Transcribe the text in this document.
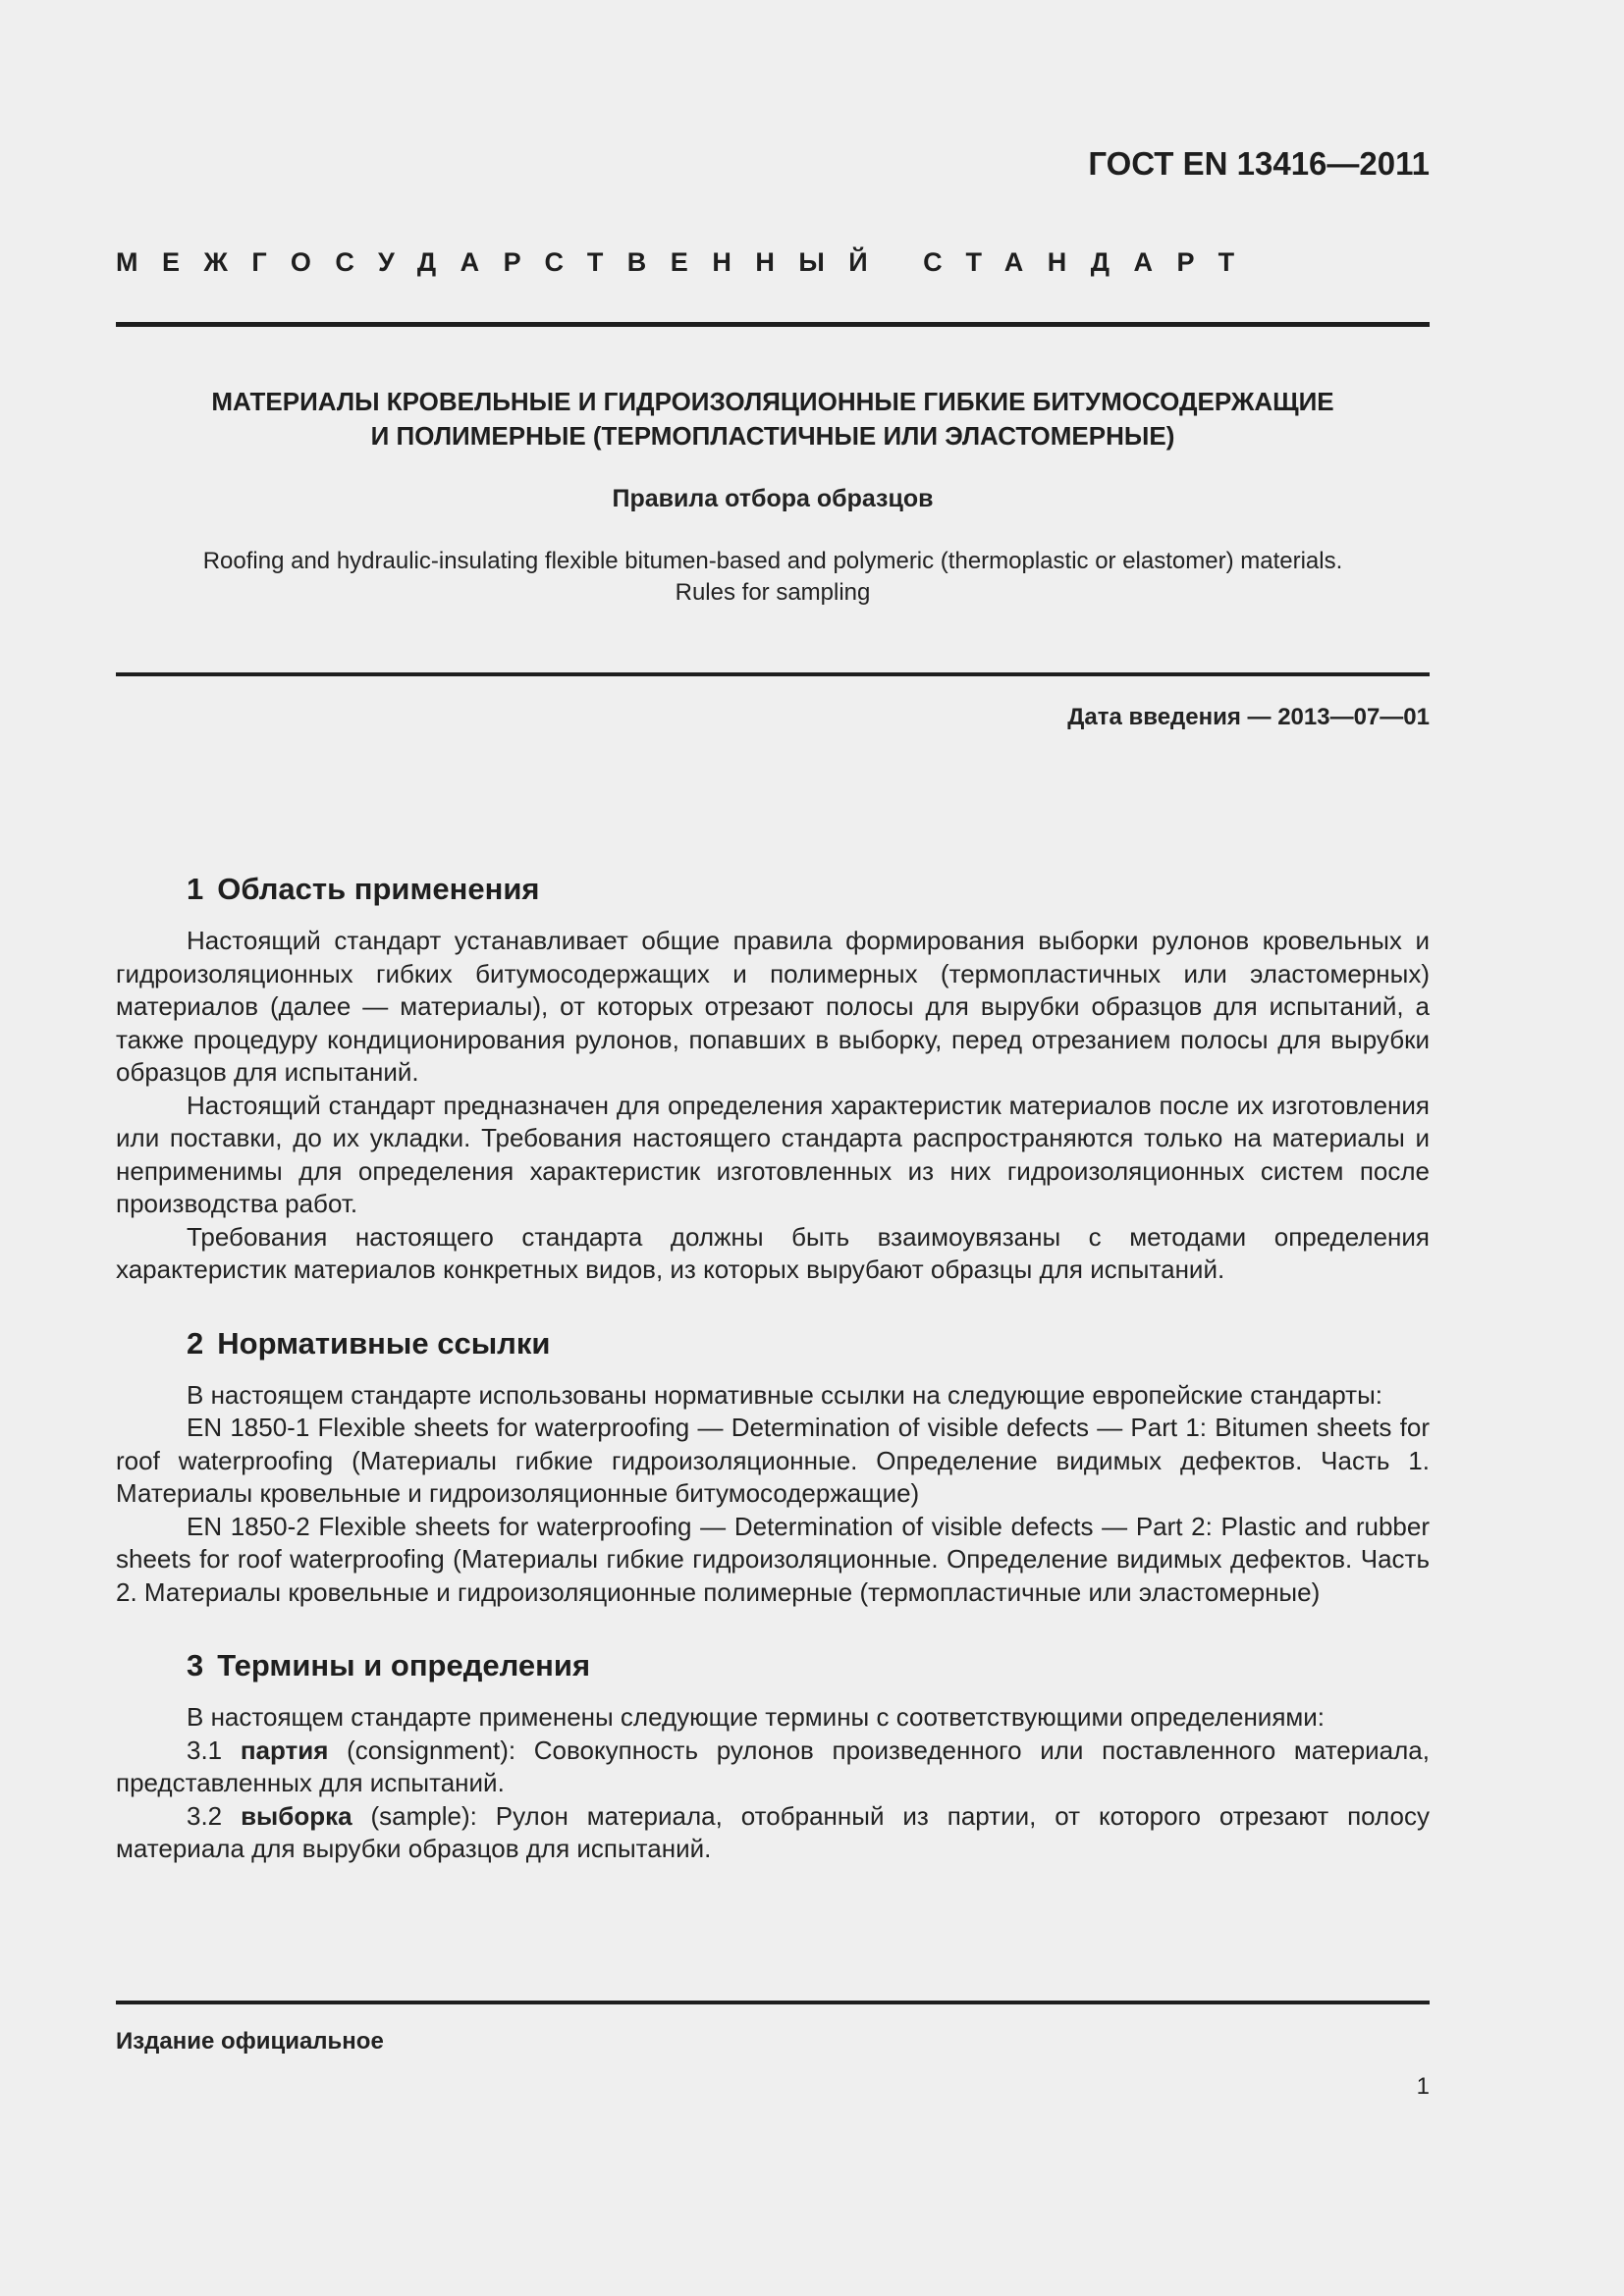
ГОСТ EN 13416—2011
МЕЖГОСУДАРСТВЕННЫЙ СТАНДАРТ
МАТЕРИАЛЫ КРОВЕЛЬНЫЕ И ГИДРОИЗОЛЯЦИОННЫЕ ГИБКИЕ БИТУМОСОДЕРЖАЩИЕ
И ПОЛИМЕРНЫЕ (ТЕРМОПЛАСТИЧНЫЕ ИЛИ ЭЛАСТОМЕРНЫЕ)
Правила отбора образцов
Roofing and hydraulic-insulating flexible bitumen-based and polymeric (thermoplastic or elastomer) materials.
Rules for sampling
Дата введения — 2013—07—01
1 Область применения

Настоящий стандарт устанавливает общие правила формирования выборки рулонов кровельных и гидроизоляционных гибких битумосодержащих и полимерных (термопластичных или эластомерных) материалов (далее — материалы), от которых отрезают полосы для вырубки образцов для испытаний, а также процедуру кондиционирования рулонов, попавших в выборку, перед отрезанием полосы для вырубки образцов для испытаний.

Настоящий стандарт предназначен для определения характеристик материалов после их изготовления или поставки, до их укладки. Требования настоящего стандарта распространяются только на материалы и неприменимы для определения характеристик изготовленных из них гидроизоляционных систем после производства работ.

Требования настоящего стандарта должны быть взаимоувязаны с методами определения характеристик материалов конкретных видов, из которых вырубают образцы для испытаний.

2 Нормативные ссылки

В настоящем стандарте использованы нормативные ссылки на следующие европейские стандарты:

EN 1850-1 Flexible sheets for waterproofing — Determination of visible defects — Part 1: Bitumen sheets for roof waterproofing (Материалы гибкие гидроизоляционные. Определение видимых дефектов. Часть 1. Материалы кровельные и гидроизоляционные битумосодержащие)

EN 1850-2 Flexible sheets for waterproofing — Determination of visible defects — Part 2: Plastic and rubber sheets for roof waterproofing (Материалы гибкие гидроизоляционные. Определение видимых дефектов. Часть 2. Материалы кровельные и гидроизоляционные полимерные (термопластичные или эластомерные)

3 Термины и определения

В настоящем стандарте применены следующие термины с соответствующими определениями:

3.1 партия (consignment): Совокупность рулонов произведенного или поставленного материала, представленных для испытаний.

3.2 выборка (sample): Рулон материала, отобранный из партии, от которого отрезают полосу материала для вырубки образцов для испытаний.

Издание официальное
1
